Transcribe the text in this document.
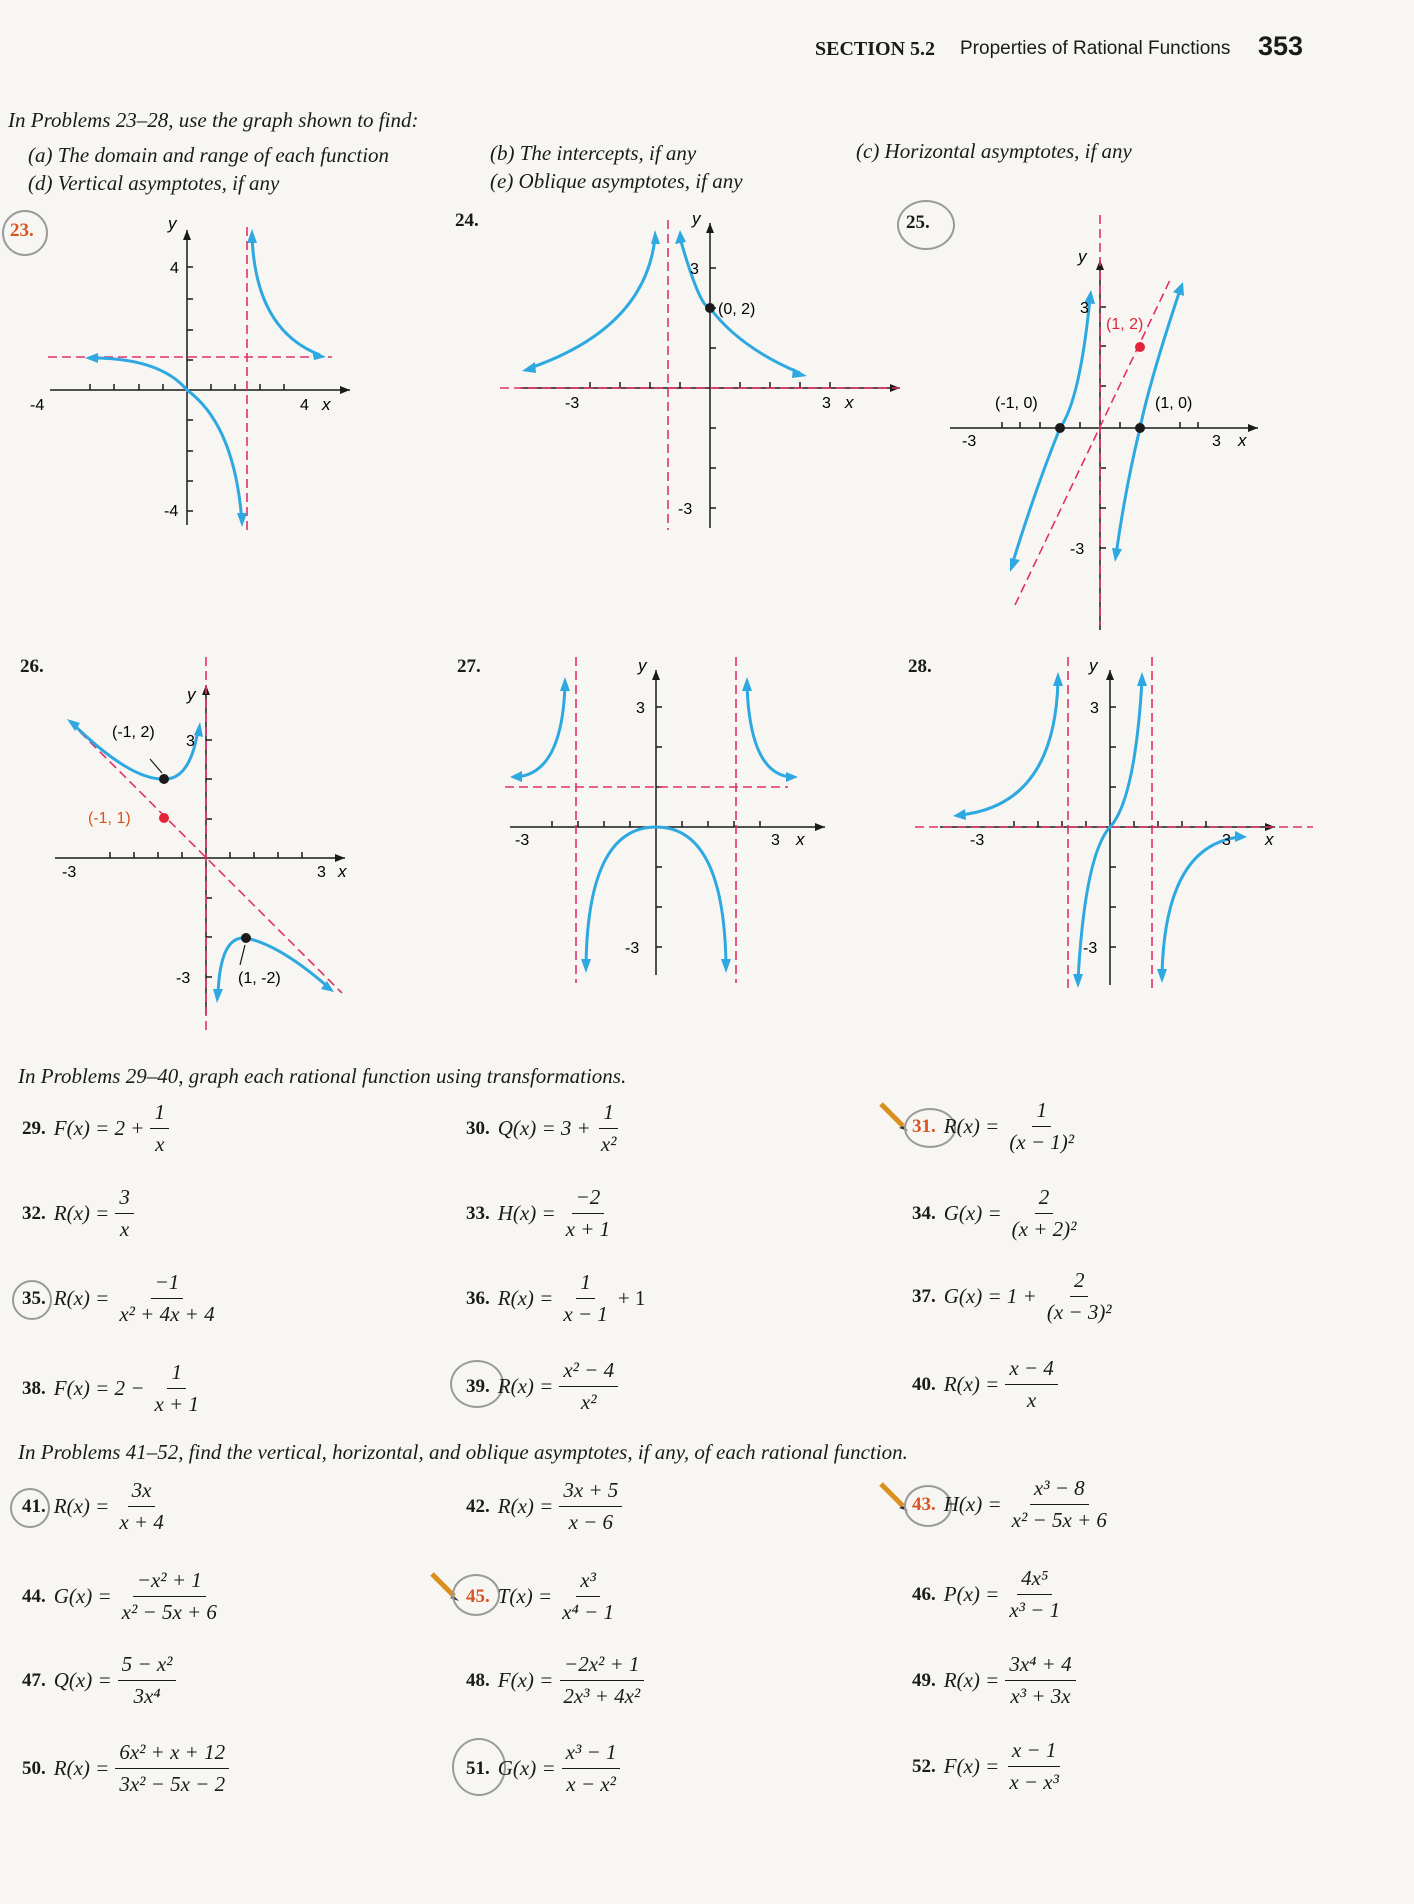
SECTION 5.2 Properties of Rational Functions 353
In Problems 23–28, use the graph shown to find:
(a) The domain and range of each function
(d) Vertical asymptotes, if any
(b) The intercepts, if any
(e) Oblique asymptotes, if any
(c) Horizontal asymptotes, if any
23.	y
4
-4
-4	4 x
24.	y
3
-3
-3	3 x
(0, 2)
25.
y
3
-3
-3	3 x
(1, 2)
(-1, 0)	(1, 0)
26.
y
3
-3
-3	3 x
(-1, 2)
(-1, 1)
(1, -2)
27.	y
3
-3
-3	3 x
28.	y
3
-3
-3	3 x
In Problems 29–40, graph each rational function using transformations.
29. $F(x) = 2 + \frac{1}{x}$	30. $Q(x) = 3 + \frac{1}{\text{x²}}$	31. $R(x) = \frac{1}{\text{(x − 1)²}}$
32. $R(x) = \frac{3}{x}$	33. $H(x) = \frac{-2}{x + 1}$	34. $G(x) = \frac{2}{\text{(x + 2)²}}$
35. $R(x) = \frac{-1}{\text{x² + 4x + 4}}$	36. $R(x) = \frac{1}{x - 1} + 1$	37. $G(x) = 1 + \frac{2}{\text{(x − 3)²}}$
38. $F(x) = 2 - \frac{1}{x + 1}$	39. $R(x) = \frac{\text{x² − 4}}{\text{x²}}$	40. $R(x) = \frac{x - 4}{x}$
In Problems 41–52, find the vertical, horizontal, and oblique asymptotes, if any, of each rational function.
41. $R(x) = \frac{3x}{x + 4}$	42. $R(x) = \frac{3x + 5}{x - 6}$	43. $H(x) = \frac{\text{x³ − 8}}{\text{x² − 5x + 6}}$
44. $G(x) = \frac{\text{−x² + 1}}{\text{x² − 5x + 6}}$	45. $T(x) = \frac{\text{x³}}{\text{x⁴ − 1}}$	46. $P(x) = \frac{\text{4x⁵}}{\text{x³ − 1}}$
47. $Q(x) = \frac{\text{5 − x²}}{\text{3x⁴}}$	48. $F(x) = \frac{\text{−2x² + 1}}{\text{2x³ + 4x²}}$	49. $R(x) = \frac{\text{3x⁴ + 4}}{\text{x³ + 3x}}$
50. $R(x) = \frac{\text{6x² + x + 12}}{\text{3x² − 5x − 2}}$	51. $G(x) = \frac{\text{x³ − 1}}{\text{x − x²}}$	52. $F(x) = \frac{x - 1}{\text{x − x³}}$
